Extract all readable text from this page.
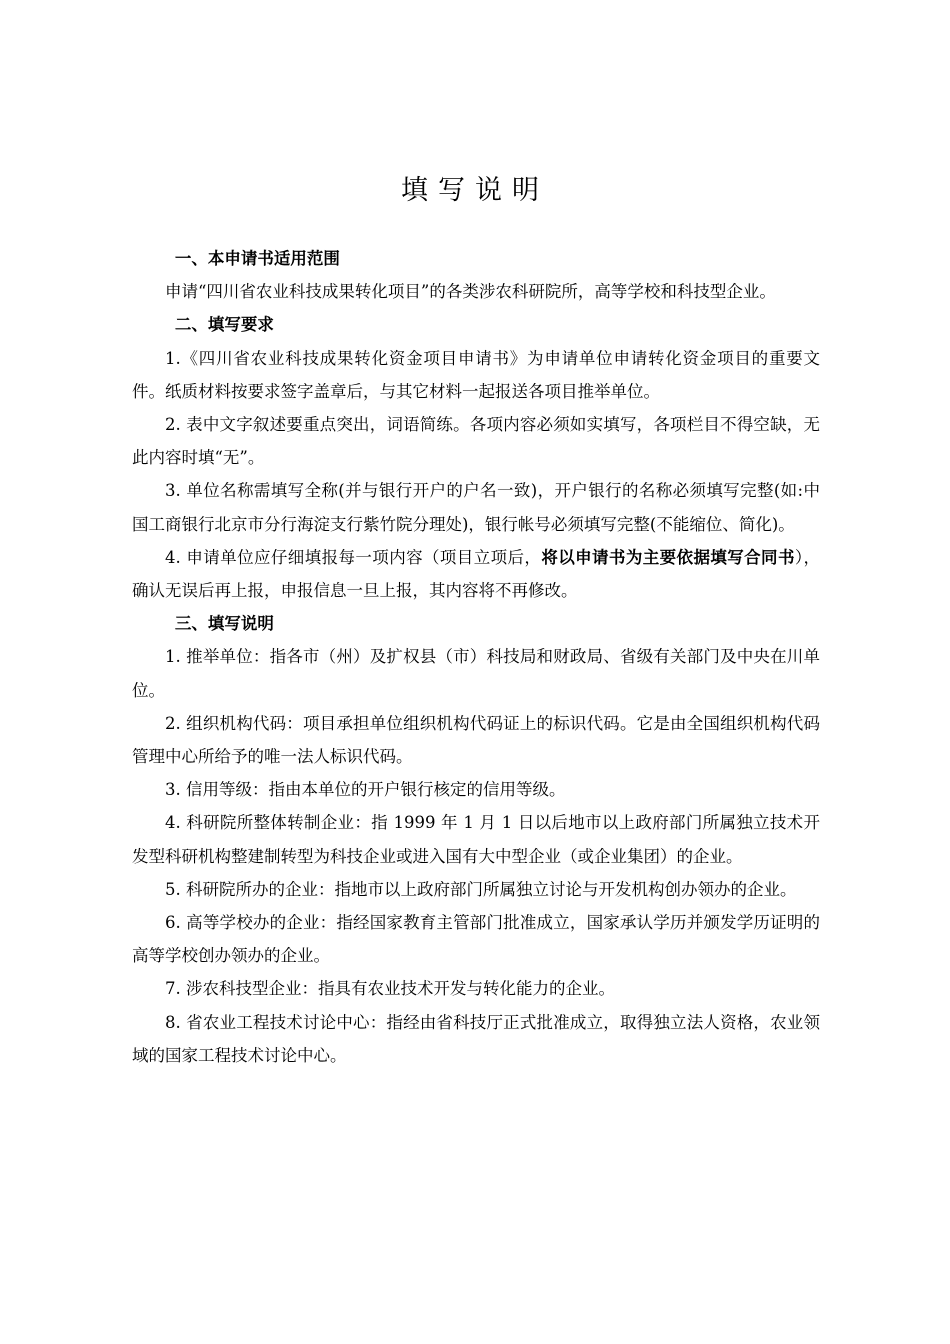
填写说明

一、本申请书适用范围

申请“四川省农业科技成果转化项目”的各类涉农科研院所，高等学校和科技型企业。

二、填写要求

1.《四川省农业科技成果转化资金项目申请书》为申请单位申请转化资金项目的重要文件。纸质材料按要求签字盖章后，与其它材料一起报送各项目推举单位。

2. 表中文字叙述要重点突出，词语简练。各项内容必须如实填写，各项栏目不得空缺，无此内容时填“无”。

3. 单位名称需填写全称(并与银行开户的户名一致)，开户银行的名称必须填写完整(如:中国工商银行北京市分行海淀支行紫竹院分理处)，银行帐号必须填写完整(不能缩位、简化)。

4. 申请单位应仔细填报每一项内容（项目立项后，将以申请书为主要依据填写合同书），确认无误后再上报，申报信息一旦上报，其内容将不再修改。

三、填写说明

1. 推举单位：指各市（州）及扩权县（市）科技局和财政局、省级有关部门及中央在川单位。

2. 组织机构代码：项目承担单位组织机构代码证上的标识代码。它是由全国组织机构代码管理中心所给予的唯一法人标识代码。

3. 信用等级：指由本单位的开户银行核定的信用等级。

4. 科研院所整体转制企业：指 1999 年 1 月 1 日以后地市以上政府部门所属独立技术开发型科研机构整建制转型为科技企业或进入国有大中型企业（或企业集团）的企业。

5. 科研院所办的企业：指地市以上政府部门所属独立讨论与开发机构创办领办的企业。

6. 高等学校办的企业：指经国家教育主管部门批准成立，国家承认学历并颁发学历证明的高等学校创办领办的企业。

7. 涉农科技型企业：指具有农业技术开发与转化能力的企业。

8. 省农业工程技术讨论中心：指经由省科技厅正式批准成立，取得独立法人资格，农业领域的国家工程技术讨论中心。
